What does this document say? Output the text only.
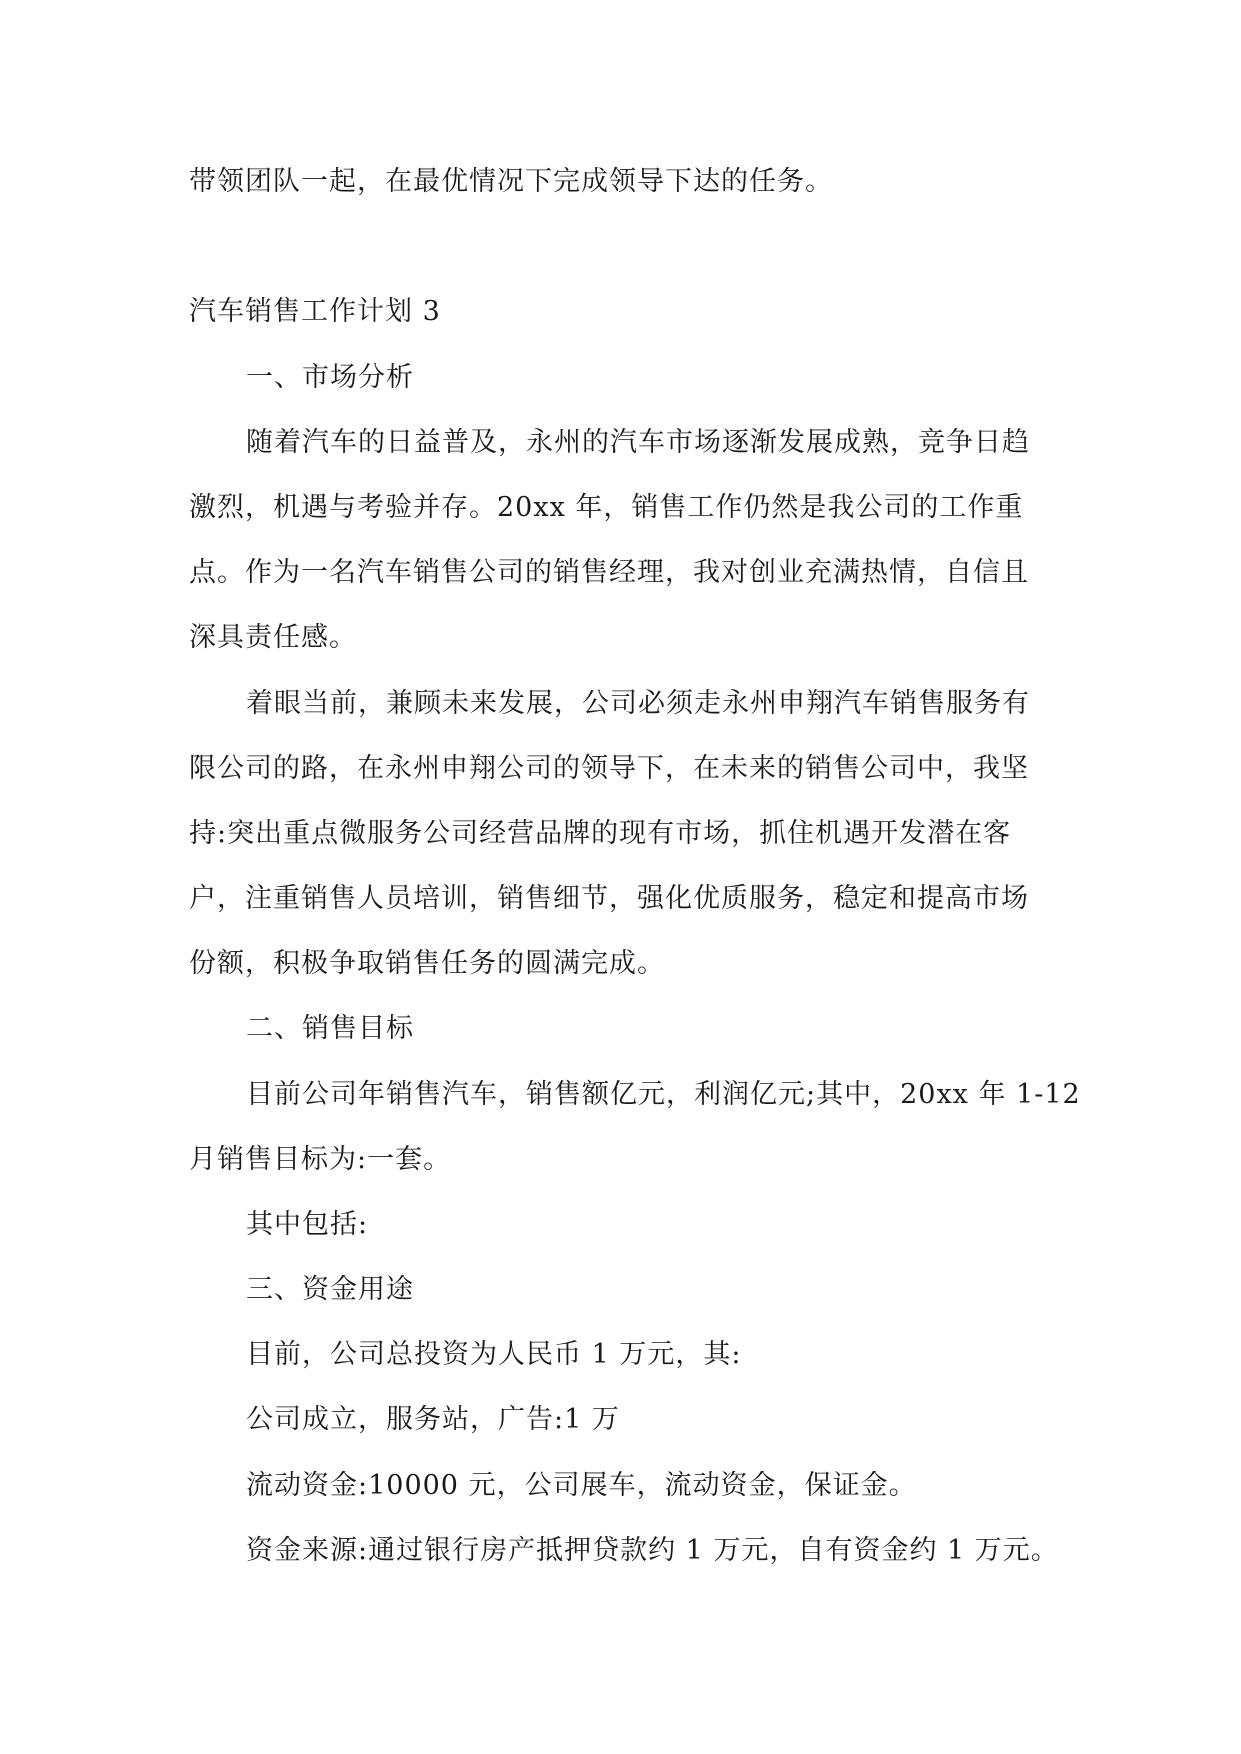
带领团队一起，在最优情况下完成领导下达的任务。
汽车销售工作计划 3
一、市场分析
随着汽车的日益普及，永州的汽车市场逐渐发展成熟，竞争日趋
激烈，机遇与考验并存。20xx 年，销售工作仍然是我公司的工作重
点。作为一名汽车销售公司的销售经理，我对创业充满热情，自信且
深具责任感。
着眼当前，兼顾未来发展，公司必须走永州申翔汽车销售服务有
限公司的路，在永州申翔公司的领导下，在未来的销售公司中，我坚
持:突出重点微服务公司经营品牌的现有市场，抓住机遇开发潜在客
户，注重销售人员培训，销售细节，强化优质服务，稳定和提高市场
份额，积极争取销售任务的圆满完成。
二、销售目标
目前公司年销售汽车，销售额亿元，利润亿元;其中，20xx 年 1-12
月销售目标为:一套。
其中包括:
三、资金用途
目前，公司总投资为人民币 1 万元，其:
公司成立，服务站，广告:1 万
流动资金:10000 元，公司展车，流动资金，保证金。
资金来源:通过银行房产抵押贷款约 1 万元，自有资金约 1 万元。
